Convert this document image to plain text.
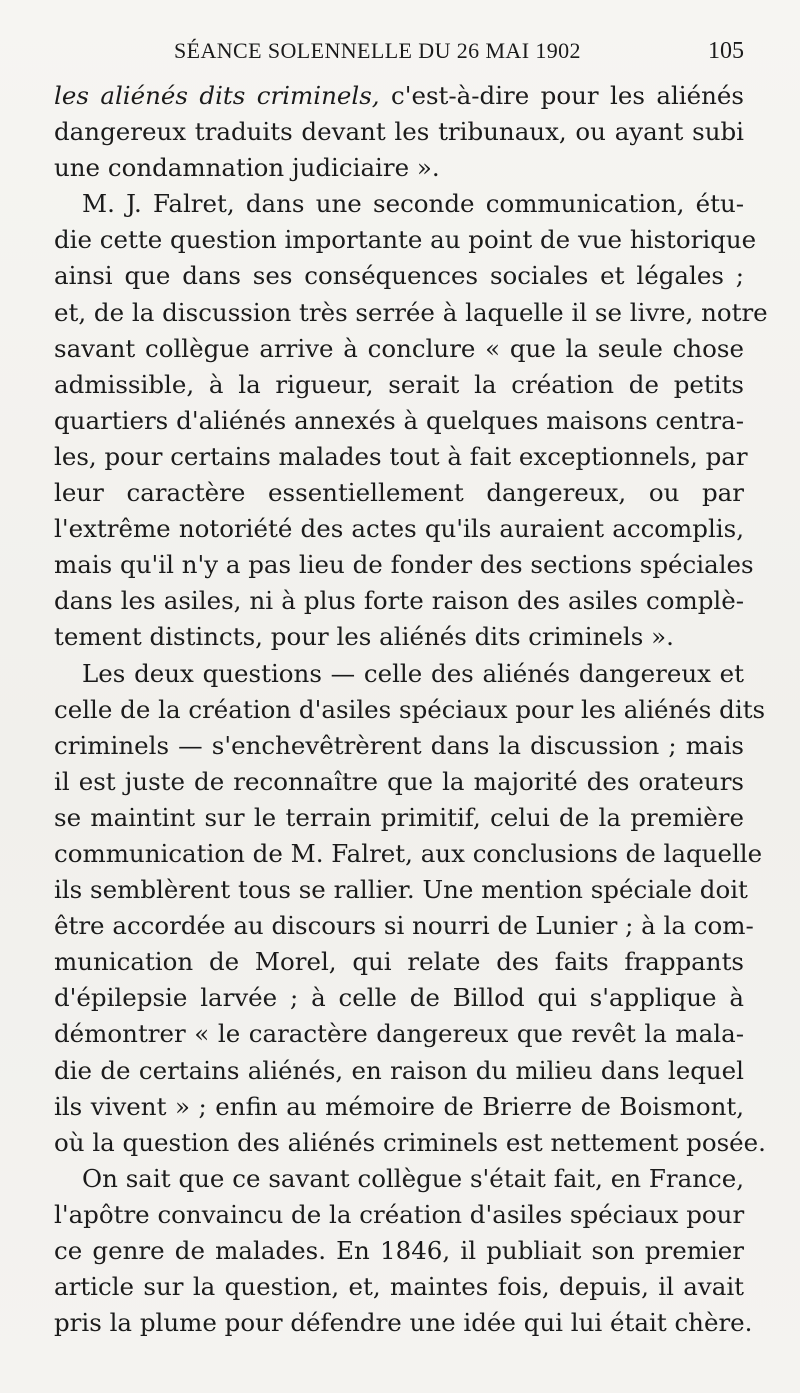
SÉANCE SOLENNELLE DU 26 MAI 1902	105
les aliénés dits criminels, c'est-à-dire pour les aliénés
dangereux traduits devant les tribunaux, ou ayant subi
une condamnation judiciaire ».
M. J. Falret, dans une seconde communication, étu-
die cette question importante au point de vue historique
ainsi que dans ses conséquences sociales et légales ;
et, de la discussion très serrée à laquelle il se livre, notre
savant collègue arrive à conclure « que la seule chose
admissible, à la rigueur, serait la création de petits
quartiers d'aliénés annexés à quelques maisons centra-
les, pour certains malades tout à fait exceptionnels, par
leur caractère essentiellement dangereux, ou par
l'extrême notoriété des actes qu'ils auraient accomplis,
mais qu'il n'y a pas lieu de fonder des sections spéciales
dans les asiles, ni à plus forte raison des asiles complè-
tement distincts, pour les aliénés dits criminels ».
Les deux questions — celle des aliénés dangereux et
celle de la création d'asiles spéciaux pour les aliénés dits
criminels — s'enchevêtrèrent dans la discussion ; mais
il est juste de reconnaître que la majorité des orateurs
se maintint sur le terrain primitif, celui de la première
communication de M. Falret, aux conclusions de laquelle
ils semblèrent tous se rallier. Une mention spéciale doit
être accordée au discours si nourri de Lunier ; à la com-
munication de Morel, qui relate des faits frappants
d'épilepsie larvée ; à celle de Billod qui s'applique à
démontrer « le caractère dangereux que revêt la mala-
die de certains aliénés, en raison du milieu dans lequel
ils vivent » ; enfin au mémoire de Brierre de Boismont,
où la question des aliénés criminels est nettement posée.
On sait que ce savant collègue s'était fait, en France,
l'apôtre convaincu de la création d'asiles spéciaux pour
ce genre de malades. En 1846, il publiait son premier
article sur la question, et, maintes fois, depuis, il avait
pris la plume pour défendre une idée qui lui était chère.
